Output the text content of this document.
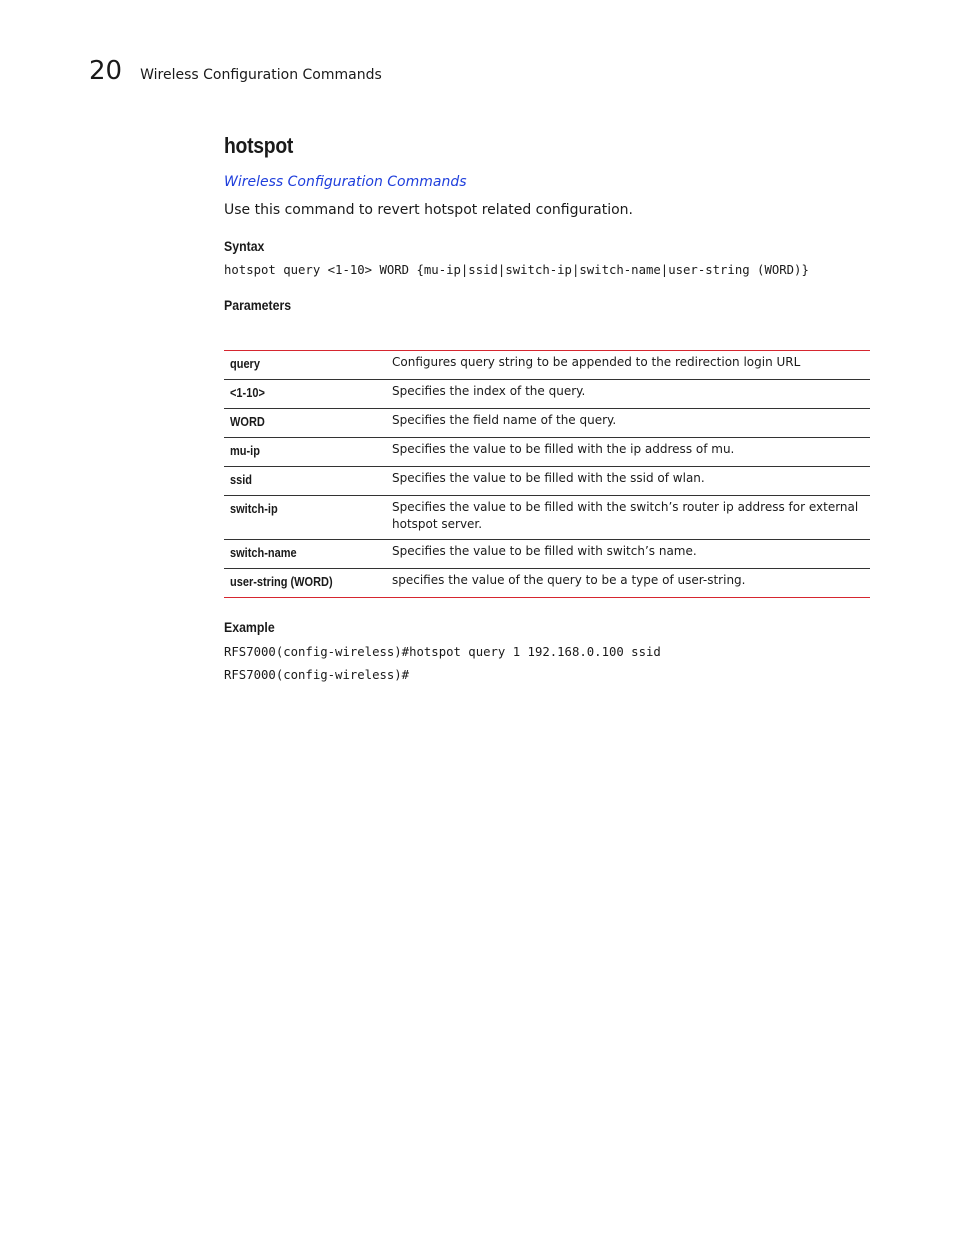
20 Wireless Configuration Commands
hotspot
Wireless Configuration Commands
Use this command to revert hotspot related configuration.
Syntax
hotspot query <1-10> WORD {mu-ip|ssid|switch-ip|switch-name|user-string (WORD)}
Parameters
query	Configures query string to be appended to the redirection login URL
<1-10>	Specifies the index of the query.
WORD	Specifies the field name of the query.
mu-ip	Specifies the value to be filled with the ip address of mu.
ssid	Specifies the value to be filled with the ssid of wlan.
switch-ip	Specifies the value to be filled with the switch’s router ip address for external hotspot server.
switch-name	Specifies the value to be filled with switch’s name.
user-string (WORD)	specifies the value of the query to be a type of user-string.
Example
RFS7000(config-wireless)#hotspot query 1 192.168.0.100 ssid
RFS7000(config-wireless)#
